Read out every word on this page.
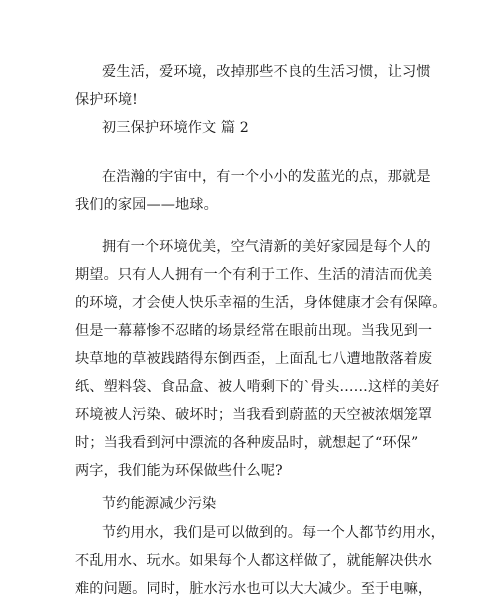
爱生活，爱环境，改掉那些不良的生活习惯，让习惯
保护环境!
初三保护环境作文 篇 2
在浩瀚的宇宙中，有一个小小的发蓝光的点，那就是
我们的家园——地球。
拥有一个环境优美，空气清新的美好家园是每个人的
期望。只有人人拥有一个有利于工作、生活的清洁而优美
的环境，才会使人快乐幸福的生活，身体健康才会有保障。
但是一幕幕惨不忍睹的场景经常在眼前出现。当我见到一
块草地的草被践踏得东倒西歪，上面乱七八遭地散落着废
纸、塑料袋、食品盒、被人啃剩下的`骨头……这样的美好
环境被人污染、破坏时；当我看到蔚蓝的天空被浓烟笼罩
时；当我看到河中漂流的各种废品时，就想起了“环保”
两字，我们能为环保做些什么呢?
节约能源减少污染
节约用水，我们是可以做到的。每一个人都节约用水，
不乱用水、玩水。如果每个人都这样做了，就能解决供水
难的问题。同时，脏水污水也可以大大减少。至于电嘛，
